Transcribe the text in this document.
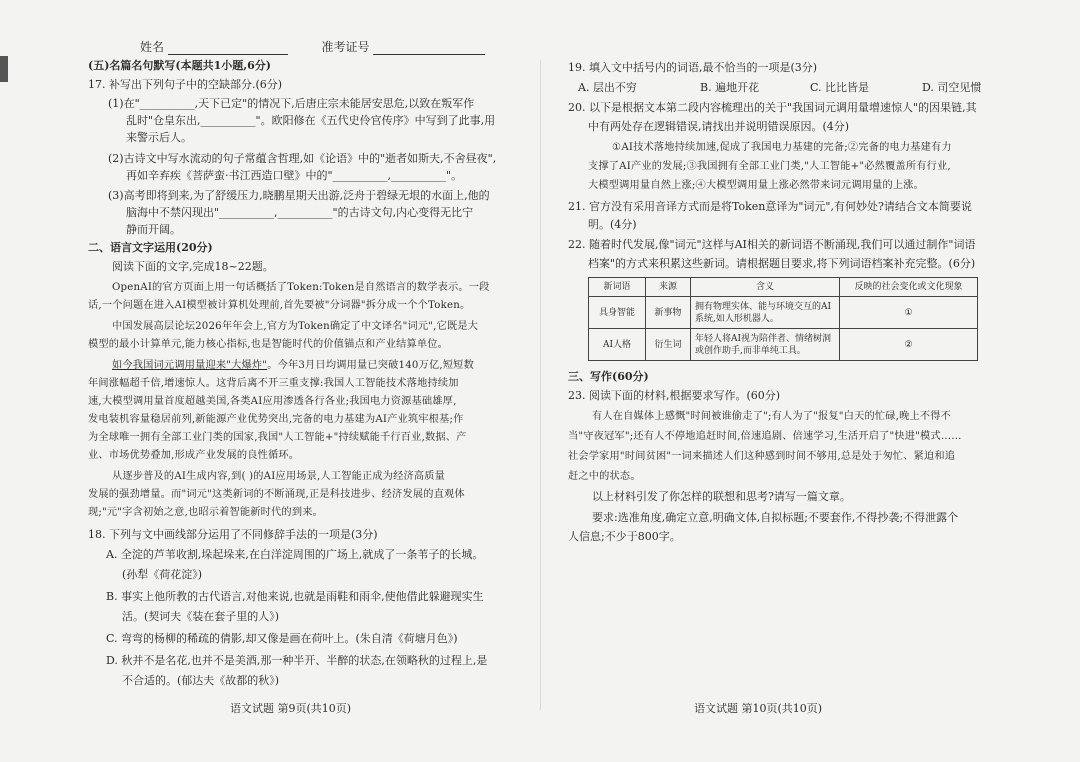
姓名	准考证号
(五)名篇名句默写(本题共1小题,6分)
17. 补写出下列句子中的空缺部分.(6分)
(1)在"__________,天下已定"的情况下,后唐庄宗未能居安思危,以致在叛军作
乱时"仓皇东出,__________"。欧阳修在《五代史伶官传序》中写到了此事,用
来警示后人。
(2)古诗文中写水流动的句子常蕴含哲理,如《论语》中的"逝者如斯夫,不舍昼夜",
再如辛弃疾《菩萨蛮·书江西造口壁》中的"__________,__________"。
(3)高考即将到来,为了舒缓压力,晓鹏星期天出游,泛舟于碧绿无垠的水面上,他的
脑海中不禁闪现出"__________,__________"的古诗文句,内心变得无比宁
静而开阔。
二、语言文字运用(20分)
阅读下面的文字,完成18~22题。
OpenAI的官方页面上用一句话概括了Token:Token是自然语言的数学表示。一段
话,一个问题在进入AI模型被计算机处理前,首先要被"分词器"拆分成一个个Token。
中国发展高层论坛2026年年会上,官方为Token确定了中文译名"词元",它既是大
模型的最小计算单元,能力核心指标,也是智能时代的价值锚点和产业结算单位。
如今我国词元调用量迎来"大爆炸"。今年3月日均调用量已突破140万亿,短短数
年间涨幅超千倍,增速惊人。这背后离不开三重支撑:我国人工智能技术落地持续加
速,大模型调用量首度超越美国,各类AI应用渗透各行各业;我国电力资源基础雄厚,
发电装机容量稳居前列,新能源产业优势突出,完备的电力基建为AI产业筑牢根基;作
为全球唯一拥有全部工业门类的国家,我国"人工智能+"持续赋能千行百业,数据、产
业、市场优势叠加,形成产业发展的良性循环。
从逐步普及的AI生成内容,到( )的AI应用场景,人工智能正成为经济高质量
发展的强劲增量。而"词元"这类新词的不断涌现,正是科技进步、经济发展的直观体
现;"元"字含初始之意,也昭示着智能新时代的到来。
18. 下列与文中画线部分运用了不同修辞手法的一项是(3分)
A. 全淀的芦苇收割,垛起垛来,在白洋淀周围的广场上,就成了一条苇子的长城。
(孙犁《荷花淀》)
B. 事实上他所教的古代语言,对他来说,也就是雨鞋和雨伞,使他借此躲避现实生
活。(契诃夫《装在套子里的人》)
C. 弯弯的杨柳的稀疏的倩影,却又像是画在荷叶上。(朱自清《荷塘月色》)
D. 秋并不是名花,也并不是美酒,那一种半开、半醉的状态,在领略秋的过程上,是
不合适的。(郁达夫《故都的秋》)
语文试题 第9页(共10页)
19. 填入文中括号内的词语,最不恰当的一项是(3分)
A. 层出不穷	B. 遍地开花	C. 比比皆是	D. 司空见惯
20. 以下是根据文本第二段内容梳理出的关于"我国词元调用量增速惊人"的因果链,其
中有两处存在逻辑错误,请找出并说明错误原因。(4分)
①AI技术落地持续加速,促成了我国电力基建的完备;②完备的电力基建有力
支撑了AI产业的发展;③我国拥有全部工业门类,"人工智能+"必然覆盖所有行业,
大模型调用量自然上涨;④大模型调用量上涨必然带来词元调用量的上涨。
21. 官方没有采用音译方式而是将Token意译为"词元",有何妙处?请结合文本简要说
明。(4分)
22. 随着时代发展,像"词元"这样与AI相关的新词语不断涌现,我们可以通过制作"词语
档案"的方式来积累这些新词。请根据题目要求,将下列词语档案补充完整。(6分)
新词语	来源	含义	反映的社会变化或文化现象
具身智能	新事物	拥有物理实体、能与环境交互的AI系统,如人形机器人。	①
AI人格	衍生词	年轻人将AI视为陪伴者、情绪树洞或创作助手,而非单纯工具。	②
三、写作(60分)
23. 阅读下面的材料,根据要求写作。(60分)
有人在自媒体上感慨"时间被谁偷走了";有人为了"报复"白天的忙碌,晚上不得不
当"守夜冠军";还有人不停地追赶时间,倍速追剧、倍速学习,生活开启了"快进"模式……
社会学家用"时间贫困"一词来描述人们这种感到时间不够用,总是处于匆忙、紧迫和追
赶之中的状态。
以上材料引发了你怎样的联想和思考?请写一篇文章。
要求:选准角度,确定立意,明确文体,自拟标题;不要套作,不得抄袭;不得泄露个
人信息;不少于800字。
语文试题 第10页(共10页)
